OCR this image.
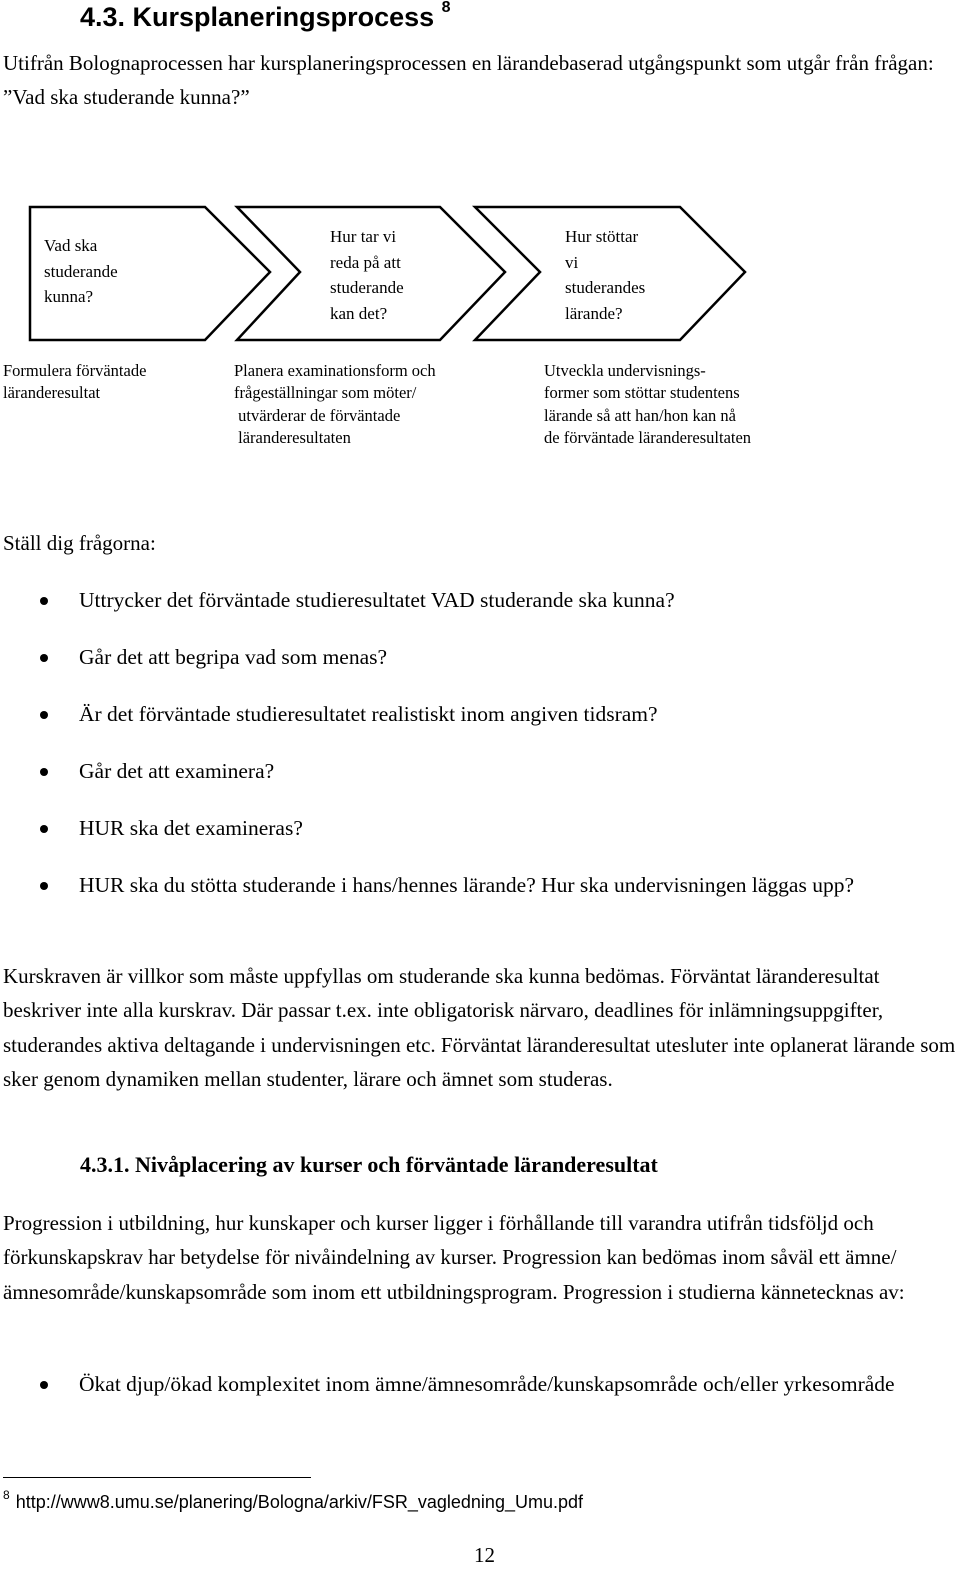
4.3. Kursplaneringsprocess $^8$

Utifrån Bolognaprocessen har kursplaneringsprocessen en lärandebaserad utgångspunkt som utgår från frågan: ”Vad ska studerande kunna?”

Vad ska
studerande
kunna?
Hur tar vi
reda på att
studerande
kan det?
Hur stöttar
vi
studerandes
lärande?
Formulera förväntade
läranderesultat
Planera examinationsform och
frågeställningar som möter/
utvärderar de förväntade
läranderesultaten
Utveckla undervisnings-
former som stöttar studentens
lärande så att han/hon kan nå
de förväntade läranderesultaten

Ställ dig frågorna:

Uttrycker det förväntade studieresultatet VAD studerande ska kunna?
Går det att begripa vad som menas?
Är det förväntade studieresultatet realistiskt inom angiven tidsram?
Går det att examinera?
HUR ska det examineras?
HUR ska du stötta studerande i hans/hennes lärande? Hur ska undervisningen läggas upp?

Kurskraven är villkor som måste uppfyllas om studerande ska kunna bedömas. Förväntat läranderesultat beskriver inte alla kurskrav. Där passar t.ex. inte obligatorisk närvaro, deadlines för inlämningsuppgifter, studerandes aktiva deltagande i undervisningen etc. Förväntat läranderesultat utesluter inte oplanerat lärande som sker genom dynamiken mellan studenter, lärare och ämnet som studeras.

4.3.1. Nivåplacering av kurser och förväntade läranderesultat

Progression i utbildning, hur kunskaper och kurser ligger i förhållande till varandra utifrån tidsföljd och förkunskapskrav har betydelse för nivåindelning av kurser. Progression kan bedömas inom såväl ett ämne/ämnesområde/kunskapsområde som inom ett utbildningsprogram. Progression i studierna kännetecknas av:

Ökat djup/ökad komplexitet inom ämne/ämnesområde/kunskapsområde och/eller yrkesområde
$^8$ http://www8.umu.se/planering/Bologna/arkiv/FSR_vagledning_Umu.pdf
12
